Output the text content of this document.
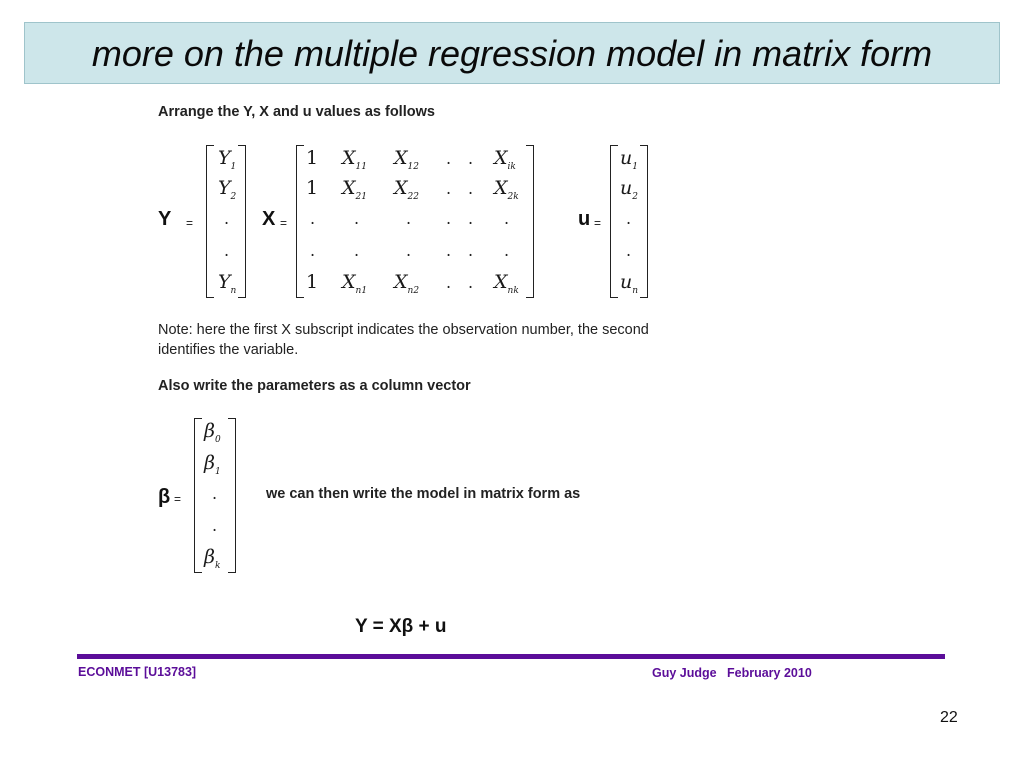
more on the multiple regression model in matrix form
Arrange the Y, X and u values as follows
Y =
$Y_1$
$Y_2$
.
.
$Y_n$
X =
1 $X_{11}$ $X_{12}$ . . $X_{ik}$
1 $X_{21}$ $X_{22}$ . . $X_{2k}$
. .	. . . .
. .	. . . .
1 $X_{n1}$ $X_{n2}$ . . $X_{nk}$
u =
$u_1$
$u_2$
.
.
$u_n$
Note: here the first X subscript indicates the observation number, the second
identifies the variable.
Also write the parameters as a column vector
β =
$\beta_0$
$\beta_1$
.
.
$\beta_k$
we can then write the model in matrix form as
Y = Xβ + u
ECONMET [U13783]	Guy Judge   February 2010
22
